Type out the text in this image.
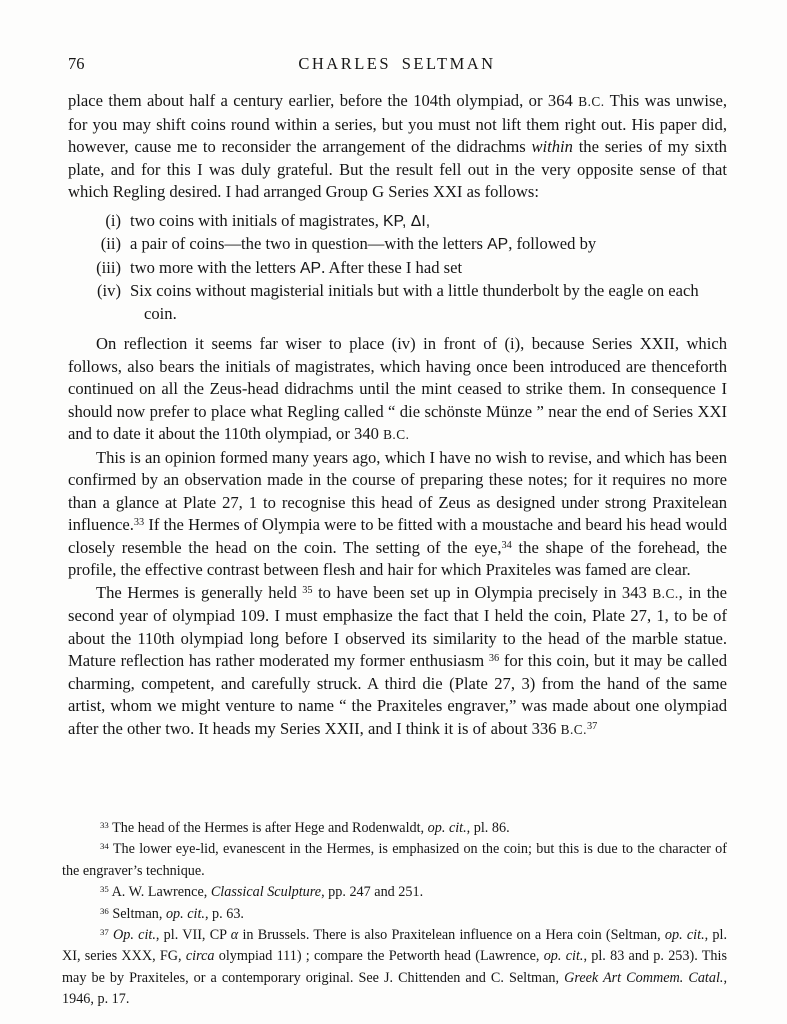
76	CHARLES SELTMAN

place them about half a century earlier, before the 104th olympiad, or 364 B.C. This was unwise, for you may shift coins round within a series, but you must not lift them right out. His paper did, however, cause me to reconsider the arrangement of the didrachms within the series of my sixth plate, and for this I was duly grateful. But the result fell out in the very opposite sense of that which Regling desired. I had arranged Group G Series XXI as follows:

(i) two coins with initials of magistrates, KP, ΔI,
(ii) a pair of coins—the two in question—with the letters AP, followed by
(iii) two more with the letters AP. After these I had set
(iv) Six coins without magisterial initials but with a little thunderbolt by the eagle on each coin.

On reflection it seems far wiser to place (iv) in front of (i), because Series XXII, which follows, also bears the initials of magistrates, which having once been introduced are thenceforth continued on all the Zeus-head didrachms until the mint ceased to strike them. In consequence I should now prefer to place what Regling called “ die schönste Münze ” near the end of Series XXI and to date it about the 110th olympiad, or 340 B.C.

This is an opinion formed many years ago, which I have no wish to revise, and which has been confirmed by an observation made in the course of preparing these notes; for it requires no more than a glance at Plate 27, 1 to recognise this head of Zeus as designed under strong Praxitelean influence.$^{33}$ If the Hermes of Olympia were to be fitted with a moustache and beard his head would closely resemble the head on the coin. The setting of the eye,$^{34}$ the shape of the forehead, the profile, the effective contrast between flesh and hair for which Praxiteles was famed are clear.

The Hermes is generally held $^{35}$ to have been set up in Olympia precisely in 343 B.C., in the second year of olympiad 109. I must emphasize the fact that I held the coin, Plate 27, 1, to be of about the 110th olympiad long before I observed its similarity to the head of the marble statue. Mature reflection has rather moderated my former enthusiasm $^{36}$ for this coin, but it may be called charming, competent, and carefully struck. A third die (Plate 27, 3) from the hand of the same artist, whom we might venture to name “ the Praxiteles engraver,” was made about one olympiad after the other two. It heads my Series XXII, and I think it is of about 336 B.C.$^{37}$

$^{33}$ The head of the Hermes is after Hege and Rodenwaldt, op. cit., pl. 86.

$^{34}$ The lower eye-lid, evanescent in the Hermes, is emphasized on the coin; but this is due to the character of the engraver’s technique.

$^{35}$ A. W. Lawrence, Classical Sculpture, pp. 247 and 251.

$^{36}$ Seltman, op. cit., p. 63.

$^{37}$ Op. cit., pl. VII, CP α in Brussels. There is also Praxitelean influence on a Hera coin (Seltman, op. cit., pl. XI, series XXX, FG, circa olympiad 111) ; compare the Petworth head (Lawrence, op. cit., pl. 83 and p. 253). This may be by Praxiteles, or a contemporary original. See J. Chittenden and C. Seltman, Greek Art Commem. Catal., 1946, p. 17.
